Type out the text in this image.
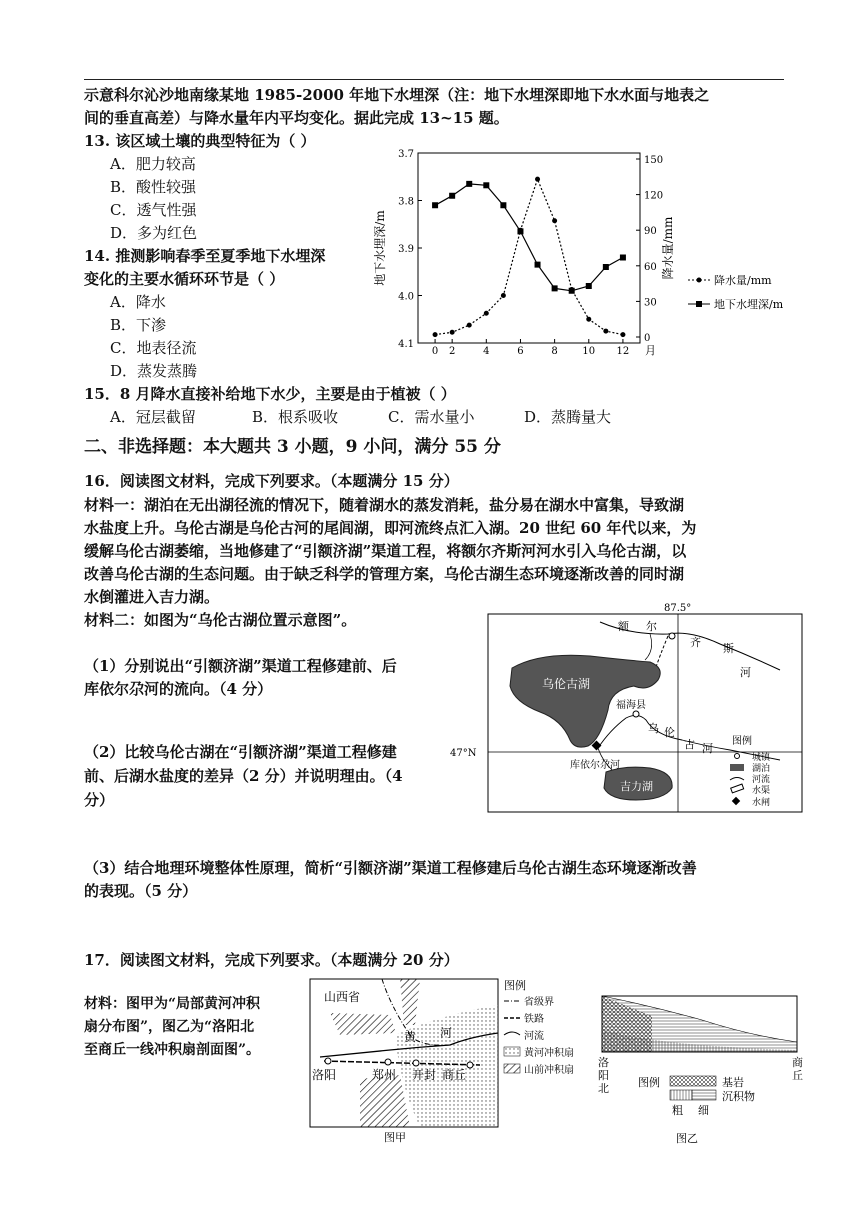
示意科尔沁沙地南缘某地 1985-2000 年地下水埋深（注：地下水埋深即地下水水面与地表之
间的垂直高差）与降水量年内平均变化。据此完成 13~15 题。
13. 该区域土壤的典型特征为（ ）
A．肥力较高
B．酸性较强
C．透气性强
D．多为红色
14. 推测影响春季至夏季地下水埋深
变化的主要水循环环节是（ ）
A．降水
B．下渗
C．地表径流
D．蒸发蒸腾
15．8 月降水直接补给地下水少，主要是由于植被（ ）
A．冠层截留	B．根系吸收	C．需水量小	D．蒸腾量大
3.7
3.8
3.9
4.0
4.1
0
30
60
90
120
150
0 2	4	6	8 10 12
地下水埋深/m	降水量/mm
月
降水量/mm
地下水埋深/m
二、非选择题：本大题共 3 小题，9 小问，满分 55 分
16．阅读图文材料，完成下列要求。（本题满分 15 分）
材料一：湖泊在无出湖径流的情况下，随着湖水的蒸发消耗，盐分易在湖水中富集，导致湖
水盐度上升。乌伦古湖是乌伦古河的尾闾湖，即河流终点汇入湖。20 世纪 60 年代以来，为
缓解乌伦古湖萎缩，当地修建了“引额济湖”渠道工程，将额尔齐斯河河水引入乌伦古湖，以
改善乌伦古湖的生态问题。由于缺乏科学的管理方案，乌伦古湖生态环境逐渐改善的同时湖
水倒灌进入吉力湖。
材料二：如图为“乌伦古湖位置示意图”。
（1）分别说出“引额济湖”渠道工程修建前、后
库依尔尕河的流向。（4 分）
（2）比较乌伦古湖在“引额济湖”渠道工程修建
前、后湖水盐度的差异（2 分）并说明理由。（4
分）
（3）结合地理环境整体性原理，简析“引额济湖”渠道工程修建后乌伦古湖生态环境逐渐改善
的表现。（5 分）
87.5°
47°N
额 尔
齐 斯
河
乌伦古湖
吉力湖
福海县
乌 伦
古 河
库依尔尕河
图例
城镇
湖泊
河流
水渠
水闸
17．阅读图文材料，完成下列要求。（本题满分 20 分）
材料：图甲为“局部黄河冲积
扇分布图”，图乙为“洛阳北
至商丘一线冲积扇剖面图”。
山西省
黄 河
洛阳	郑州 开封 商丘
图甲
图例
省级界
铁路
河流
黄河冲积扇
山前冲积扇
洛
阳
北
商
丘
图例	基岩
沉积物
粗 细
图乙
